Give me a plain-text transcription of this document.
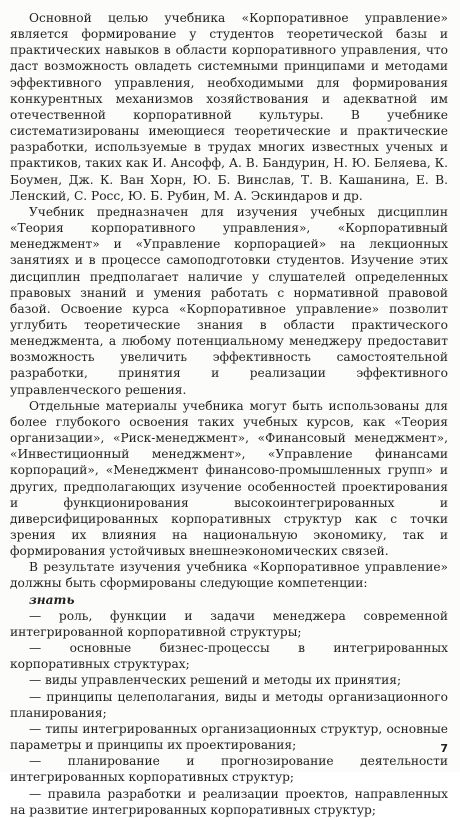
Основной целью учебника «Корпоративное управление» является формирование у студентов теоретической базы и практических навыков в области корпоративного управления, что даст возможность овладеть системными принципами и методами эффективного управления, необходимыми для формирования конкурентных механизмов хозяйствования и адекватной им отечественной корпоративной культуры. В учебнике систематизированы имеющиеся теоретические и практические разработки, используемые в трудах многих известных ученых и практиков, таких как И. Ансофф, А. В. Бандурин, Н. Ю. Беляева, К. Боумен, Дж. К. Ван Хорн, Ю. Б. Винслав, Т. В. Кашанина, Е. В. Ленский, С. Росс, Ю. Б. Рубин, М. А. Эскиндаров и др.

Учебник предназначен для изучения учебных дисциплин «Теория корпоративного управления», «Корпоративный менеджмент» и «Управление корпорацией» на лекционных занятиях и в процессе самоподготовки студентов. Изучение этих дисциплин предполагает наличие у слушателей определенных правовых знаний и умения работать с нормативной правовой базой. Освоение курса «Корпоративное управление» позволит углубить теоретические знания в области практического менеджмента, а любому потенциальному менеджеру предоставит возможность увеличить эффективность самостоятельной разработки, принятия и реализации эффективного управленческого решения.

Отдельные материалы учебника могут быть использованы для более глубокого освоения таких учебных курсов, как «Теория организации», «Риск-менеджмент», «Финансовый менеджмент», «Инвестиционный менеджмент», «Управление финансами корпораций», «Менеджмент финансово-промышленных групп» и других, предполагающих изучение особенностей проектирования и функционирования высокоинтегрированных и диверсифицированных корпоративных структур как с точки зрения их влияния на национальную экономику, так и формирования устойчивых внешнеэкономических связей.

В результате изучения учебника «Корпоративное управление» должны быть сформированы следующие компетенции:

знать

— роль, функции и задачи менеджера современной интегрированной корпоративной структуры;

— основные бизнес-процессы в интегрированных корпоративных структурах;

— виды управленческих решений и методы их принятия;

— принципы целеполагания, виды и методы организационного планирования;

— типы интегрированных организационных структур, основные параметры и принципы их проектирования;

— планирование и прогнозирование деятельности интегрированных корпоративных структур;

— правила разработки и реализации проектов, направленных на развитие интегрированных корпоративных структур;

7
